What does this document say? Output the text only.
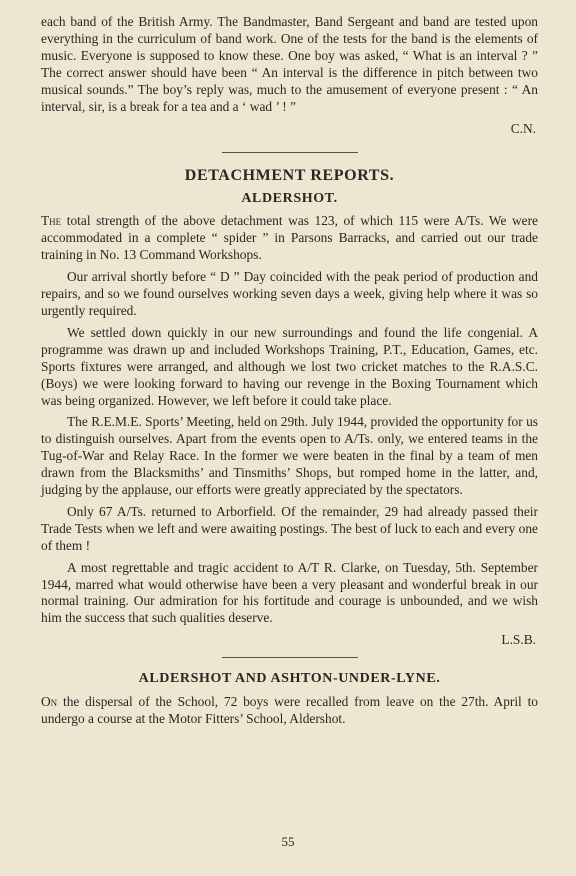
each band of the British Army. The Bandmaster, Band Sergeant and band are tested upon everything in the curriculum of band work. One of the tests for the band is the elements of music. Everyone is supposed to know these. One boy was asked, “ What is an interval ? ” The correct answer should have been “ An interval is the difference in pitch between two musical sounds.” The boy’s reply was, much to the amusement of everyone present : “ An interval, sir, is a break for a tea and a ‘ wad ’ ! ”

C.N.
DETACHMENT REPORTS.
ALDERSHOT.

The total strength of the above detachment was 123, of which 115 were A/Ts. We were accommodated in a complete “ spider ” in Parsons Barracks, and carried out our trade training in No. 13 Command Workshops.

Our arrival shortly before “ D ” Day coincided with the peak period of production and repairs, and so we found ourselves working seven days a week, giving help where it was so urgently required.

We settled down quickly in our new surroundings and found the life congenial. A programme was drawn up and included Workshops Training, P.T., Education, Games, etc. Sports fixtures were arranged, and although we lost two cricket matches to the R.A.S.C. (Boys) we were looking forward to having our revenge in the Boxing Tournament which was being organized. However, we left before it could take place.

The R.E.M.E. Sports’ Meeting, held on 29th. July 1944, provided the opportunity for us to distinguish ourselves. Apart from the events open to A/Ts. only, we entered teams in the Tug-of-War and Relay Race. In the former we were beaten in the final by a team of men drawn from the Blacksmiths’ and Tinsmiths’ Shops, but romped home in the latter, and, judging by the applause, our efforts were greatly appreciated by the spectators.

Only 67 A/Ts. returned to Arborfield. Of the remainder, 29 had already passed their Trade Tests when we left and were awaiting postings. The best of luck to each and every one of them !

A most regrettable and tragic accident to A/T R. Clarke, on Tuesday, 5th. September 1944, marred what would otherwise have been a very pleasant and wonderful break in our normal training. Our admiration for his fortitude and courage is unbounded, and we wish him the success that such qualities deserve.

L.S.B.
ALDERSHOT AND ASHTON-UNDER-LYNE.

On the dispersal of the School, 72 boys were recalled from leave on the 27th. April to undergo a course at the Motor Fitters’ School, Aldershot.

55
